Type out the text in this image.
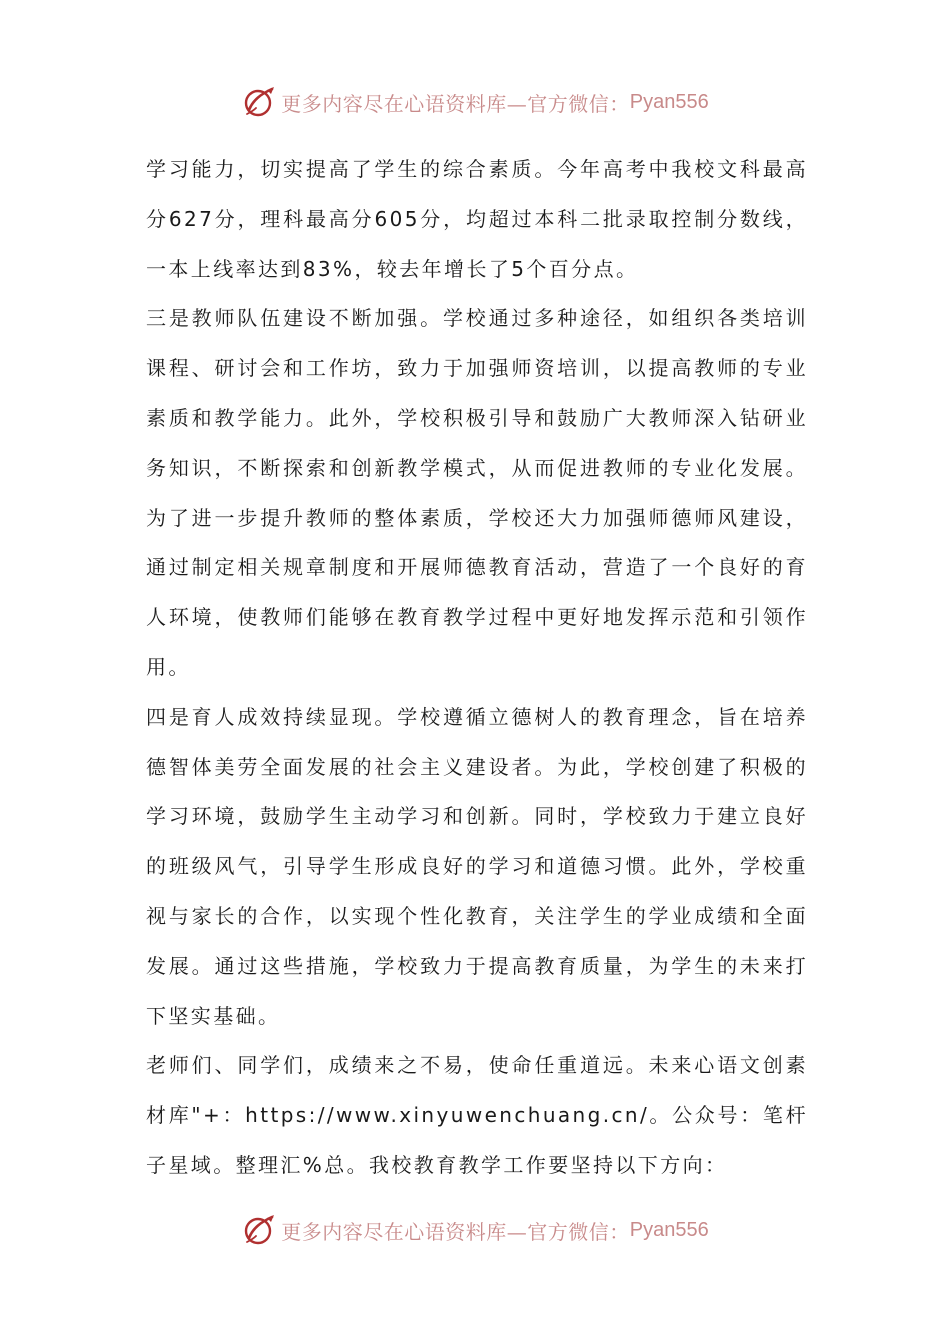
更多内容尽在心语资料库—官方微信： Pyan556

学习能力，切实提高了学生的综合素质。今年高考中我校文科最高分627分，理科最高分605分，均超过本科二批录取控制分数线，一本上线率达到83%，较去年增长了5个百分点。

三是教师队伍建设不断加强。学校通过多种途径，如组织各类培训课程、研讨会和工作坊，致力于加强师资培训，以提高教师的专业素质和教学能力。此外，学校积极引导和鼓励广大教师深入钻研业务知识，不断探索和创新教学模式，从而促进教师的专业化发展。为了进一步提升教师的整体素质，学校还大力加强师德师风建设，通过制定相关规章制度和开展师德教育活动，营造了一个良好的育人环境，使教师们能够在教育教学过程中更好地发挥示范和引领作用。

四是育人成效持续显现。学校遵循立德树人的教育理念，旨在培养德智体美劳全面发展的社会主义建设者。为此，学校创建了积极的学习环境，鼓励学生主动学习和创新。同时，学校致力于建立良好的班级风气，引导学生形成良好的学习和道德习惯。此外，学校重视与家长的合作，以实现个性化教育，关注学生的学业成绩和全面发展。通过这些措施，学校致力于提高教育质量，为学生的未来打下坚实基础。

老师们、同学们，成绩来之不易，使命任重道远。未来心语文创素材库"+：https://www.xinyuwenchuang.cn/。公众号：笔杆子星域。整理汇%总。我校教育教学工作要坚持以下方向：

更多内容尽在心语资料库—官方微信： Pyan556
